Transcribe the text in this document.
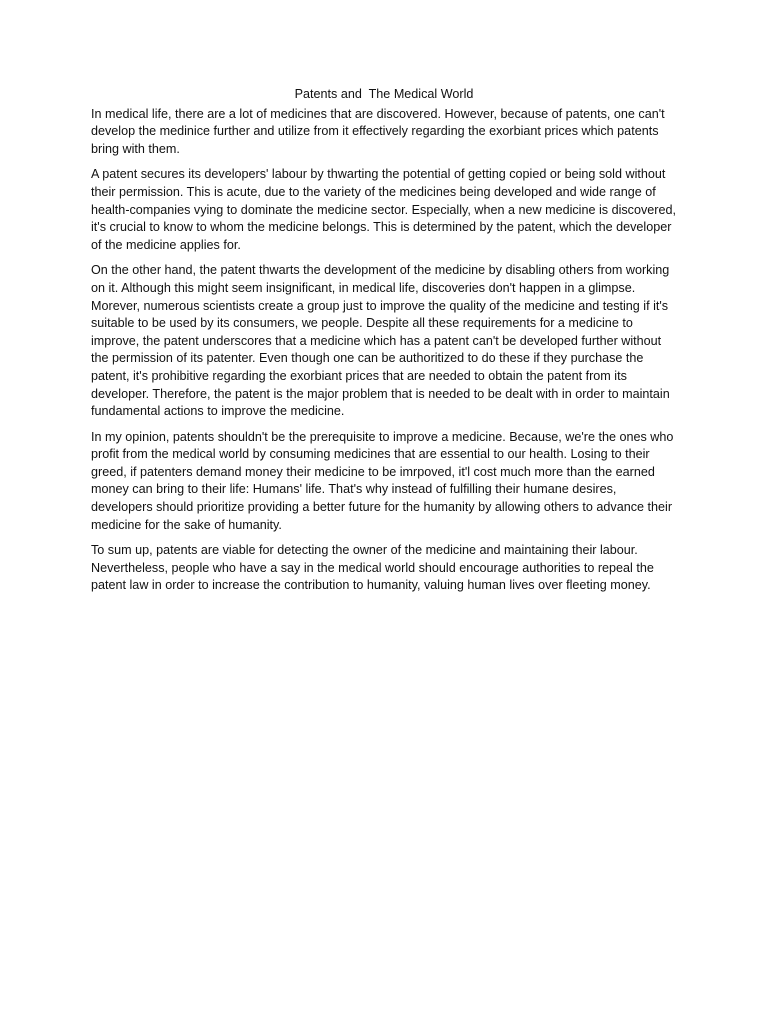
Patents and  The Medical World

In medical life, there are a lot of medicines that are discovered. However, because of patents, one can't develop the medinice further and utilize from it effectively regarding the exorbiant prices which patents bring with them.

A patent secures its developers' labour by thwarting the potential of getting copied or being sold without their permission. This is acute, due to the variety of the medicines being developed and wide range of health-companies vying to dominate the medicine sector. Especially, when a new medicine is discovered, it's crucial to know to whom the medicine belongs. This is determined by the patent, which the developer of the medicine applies for.

On the other hand, the patent thwarts the development of the medicine by disabling others from working on it. Although this might seem insignificant, in medical life, discoveries don't happen in a glimpse. Morever, numerous scientists create a group just to improve the quality of the medicine and testing if it's suitable to be used by its consumers, we people. Despite all these requirements for a medicine to improve, the patent underscores that a medicine which has a patent can't be developed further without the permission of its patenter. Even though one can be authoritized to do these if they purchase the patent, it's prohibitive regarding the exorbiant prices that are needed to obtain the patent from its developer. Therefore, the patent is the major problem that is needed to be dealt with in order to maintain fundamental actions to improve the medicine.

In my opinion, patents shouldn't be the prerequisite to improve a medicine. Because, we're the ones who profit from the medical world by consuming medicines that are essential to our health. Losing to their greed, if patenters demand money their medicine to be imrpoved, it'l cost much more than the earned money can bring to their life: Humans' life. That's why instead of fulfilling their humane desires, developers should prioritize providing a better future for the humanity by allowing others to advance their medicine for the sake of humanity.

To sum up, patents are viable for detecting the owner of the medicine and maintaining their labour. Nevertheless, people who have a say in the medical world should encourage authorities to repeal the patent law in order to increase the contribution to humanity, valuing human lives over fleeting money.
